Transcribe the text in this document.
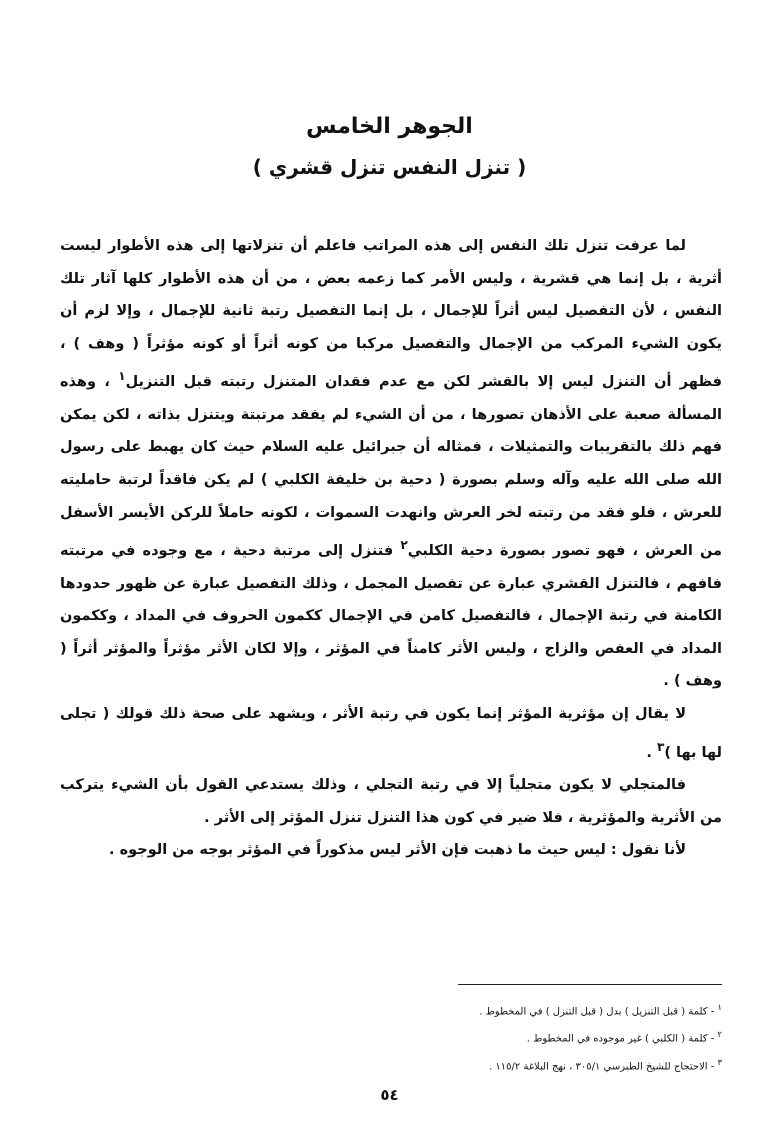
الجوهر الخامس
( تنزل النفس تنزل قشري )

لما عرفت تنزل تلك النفس إلى هذه المراتب فاعلم أن تنزلاتها إلى هذه الأطوار ليست أثرية ، بل إنما هي قشرية ، وليس الأمر كما زعمه بعض ، من أن هذه الأطوار كلها آثار تلك النفس ، لأن التفصيل ليس أثراً للإجمال ، بل إنما التفصيل رتبة ثانية للإجمال ، وإلا لزم أن يكون الشيء المركب من الإجمال والتفصيل مركبا من كونه أثراً أو كونه مؤثراً ( وهف ) ، فظهر أن التنزل ليس إلا بالقشر لكن مع عدم فقدان المتنزل رتبته قبل التنزيل$^١$ ، وهذه المسألة صعبة على الأذهان تصورها ، من أن الشيء لم يفقد مرتبتة ويتنزل بذاته ، لكن يمكن فهم ذلك بالتقريبات والتمثيلات ، فمثاله أن جبرائيل عليه السلام حيث كان يهبط على رسول الله صلى الله عليه وآله وسلم بصورة ( دحية بن خليفة الكلبي ) لم يكن فاقداً لرتبة حامليته للعرش ، فلو فقد من رتبته لخر العرش وانهدت السموات ، لكونه حاملاً للركن الأيسر الأسفل من العرش ، فهو تصور بصورة دحية الكلبي$^٢$ فتنزل إلى مرتبة دحية ، مع وجوده في مرتبته فافهم ، فالتنزل القشري عبارة عن تفصيل المجمل ، وذلك التفصيل عبارة عن ظهور حدودها الكامنة في رتبة الإجمال ، فالتفصيل كامن في الإجمال ككمون الحروف في المداد ، وككمون المداد في العفص والزاج ، وليس الأثر كامناً في المؤثر ، وإلا لكان الأثر مؤثراً والمؤثر أثراً ( وهف ) .

لا يقال إن مؤثرية المؤثر إنما يكون في رتبة الأثر ، ويشهد على صحة ذلك قولك ( تجلى لها بها )$^٣$ .

فالمتجلي لا يكون متجلياً إلا في رتبة التجلي ، وذلك يستدعي القول بأن الشيء يتركب من الأثرية والمؤثرية ، فلا ضير في كون هذا التنزل تنزل المؤثر إلى الأثر .

لأنا نقول : ليس حيث ما ذهبت فإن الأثر ليس مذكوراً في المؤثر بوجه من الوجوه .

$^١$ - كلمة ( قبل التنزيل ) بدل ( قبل التنزل ) في المخطوط .
$^٢$ - كلمة ( الكلبي ) غير موجوده في المخطوط .
$^٣$ - الاحتجاج للشيخ الطبرسي ٣٠٥/١ ، نهج البلاغة ١١٥/٢ .
٥٤
